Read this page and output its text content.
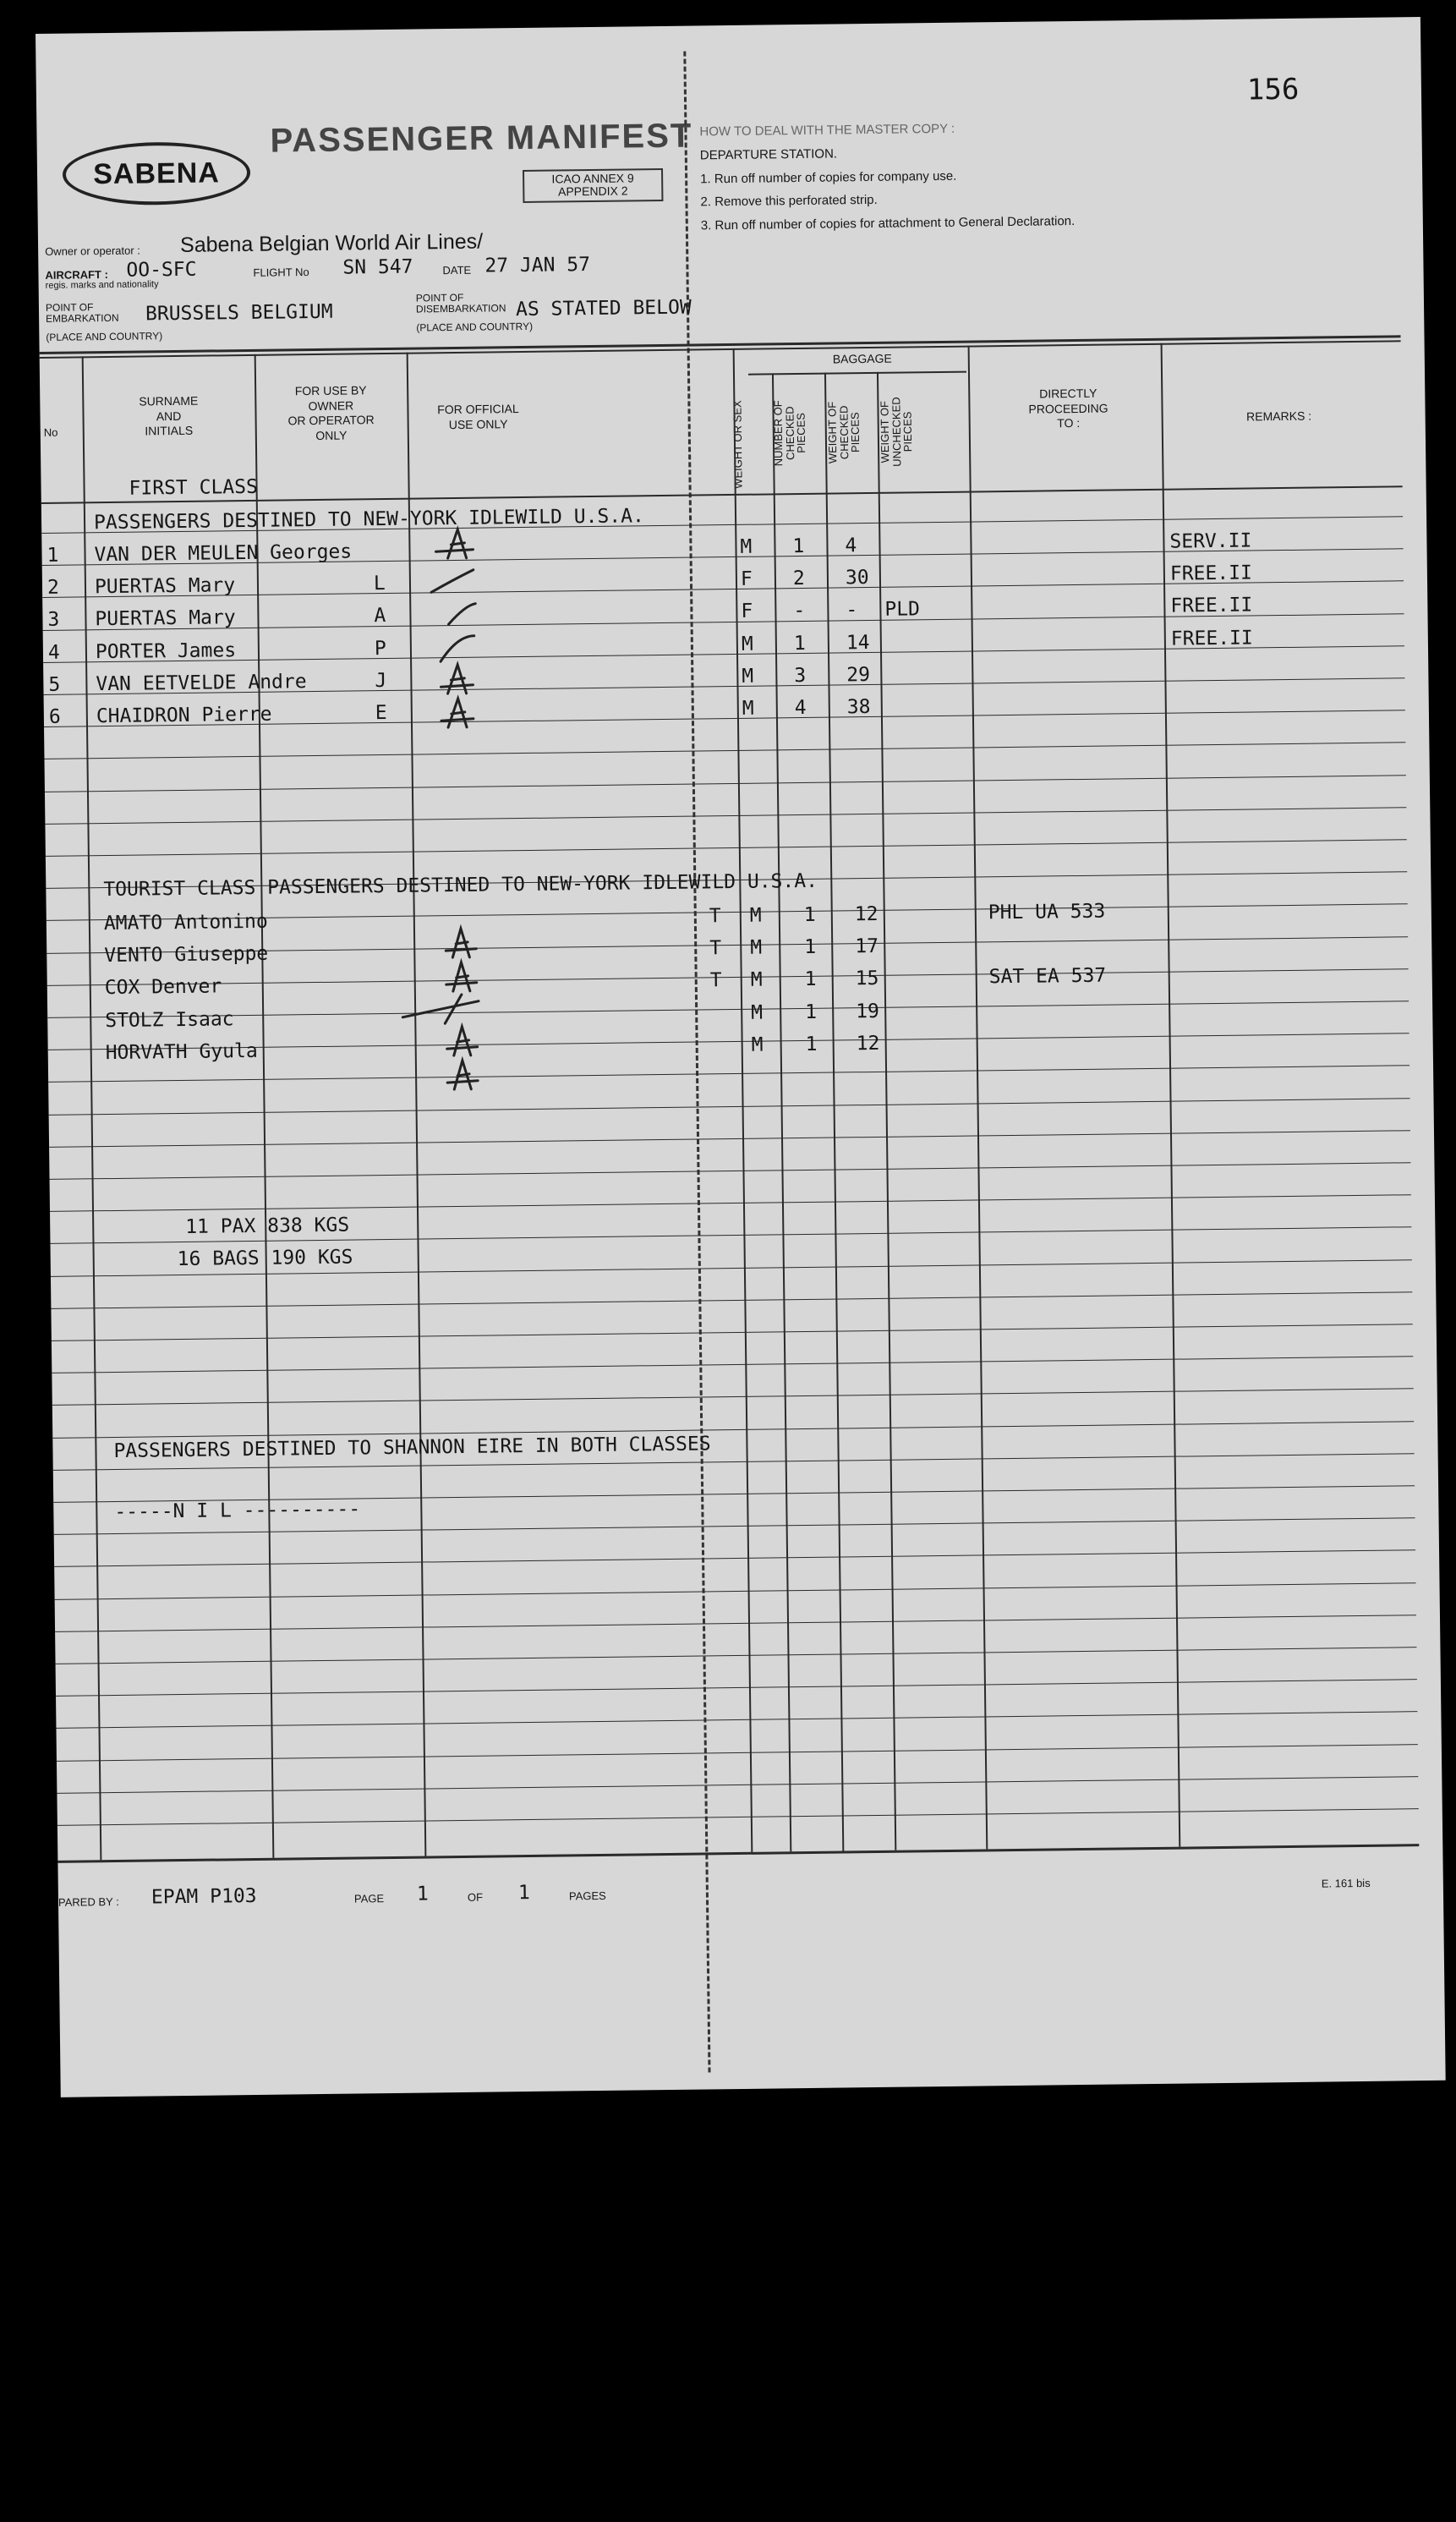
156
SABENA
PASSENGER MANIFEST
ICAO ANNEX 9
APPENDIX 2
HOW TO DEAL WITH THE MASTER COPY :
DEPARTURE STATION.
1. Run off number of copies for company use.
2. Remove this perforated strip.
3. Run off number of copies for attachment to General Declaration.
Owner or operator : Sabena Belgian World Air Lines/
AIRCRAFT :
regis. marks and nationality
OO-SFC	FLIGHT No SN 547	DATE 27 JAN 57
POINT OF EMBARKATION BRUSSELS BELGIUM
(PLACE AND COUNTRY)
POINT OF DISEMBARKATION AS STATED BELOW
(PLACE AND COUNTRY)
No
SURNAME
AND
INITIALS
FOR USE BY
OWNER
OR OPERATOR
ONLY
FOR OFFICIAL
USE ONLY	WEIGHT OR SEX
BAGGAGE
NUMBER OF
CHECKED
PIECES WEIGHT OF
CHECKED
PIECES WEIGHT OF
UNCHECKED
PIECES
DIRECTLY
PROCEEDING
TO :	REMARKS :
FIRST CLASS
PASSENGERS DESTINED TO NEW-YORK IDLEWILD U.S.A.
1 VAN DER MEULEN Georges	M 1 4	SERV.II
2 PUERTAS Mary	L	F 2 30	FREE.II
3 PUERTAS Mary	A	F - - PLD	FREE.II
4 PORTER James	P	M 1 14	FREE.II
5 VAN EETVELDE Andre	J	M 3 29
6 CHAIDRON Pierre	E	M 4 38
TOURIST CLASS PASSENGERS DESTINED TO NEW-YORK IDLEWILD U.S.A.
AMATO Antonino	T M 1 12	PHL UA 533
VENTO Giuseppe	T M 1 17
COX Denver	T M 1 15	SAT EA 537
STOLZ Isaac	M 1 19
HORVATH Gyula	M 1 12
11 PAX 838 KGS
16 BAGS 190 KGS
PASSENGERS DESTINED TO SHANNON EIRE IN BOTH CLASSES
-----N I L ----------
PARED BY : EPAM P103	PAGE 1	OF 1	PAGES
E. 161 bis
